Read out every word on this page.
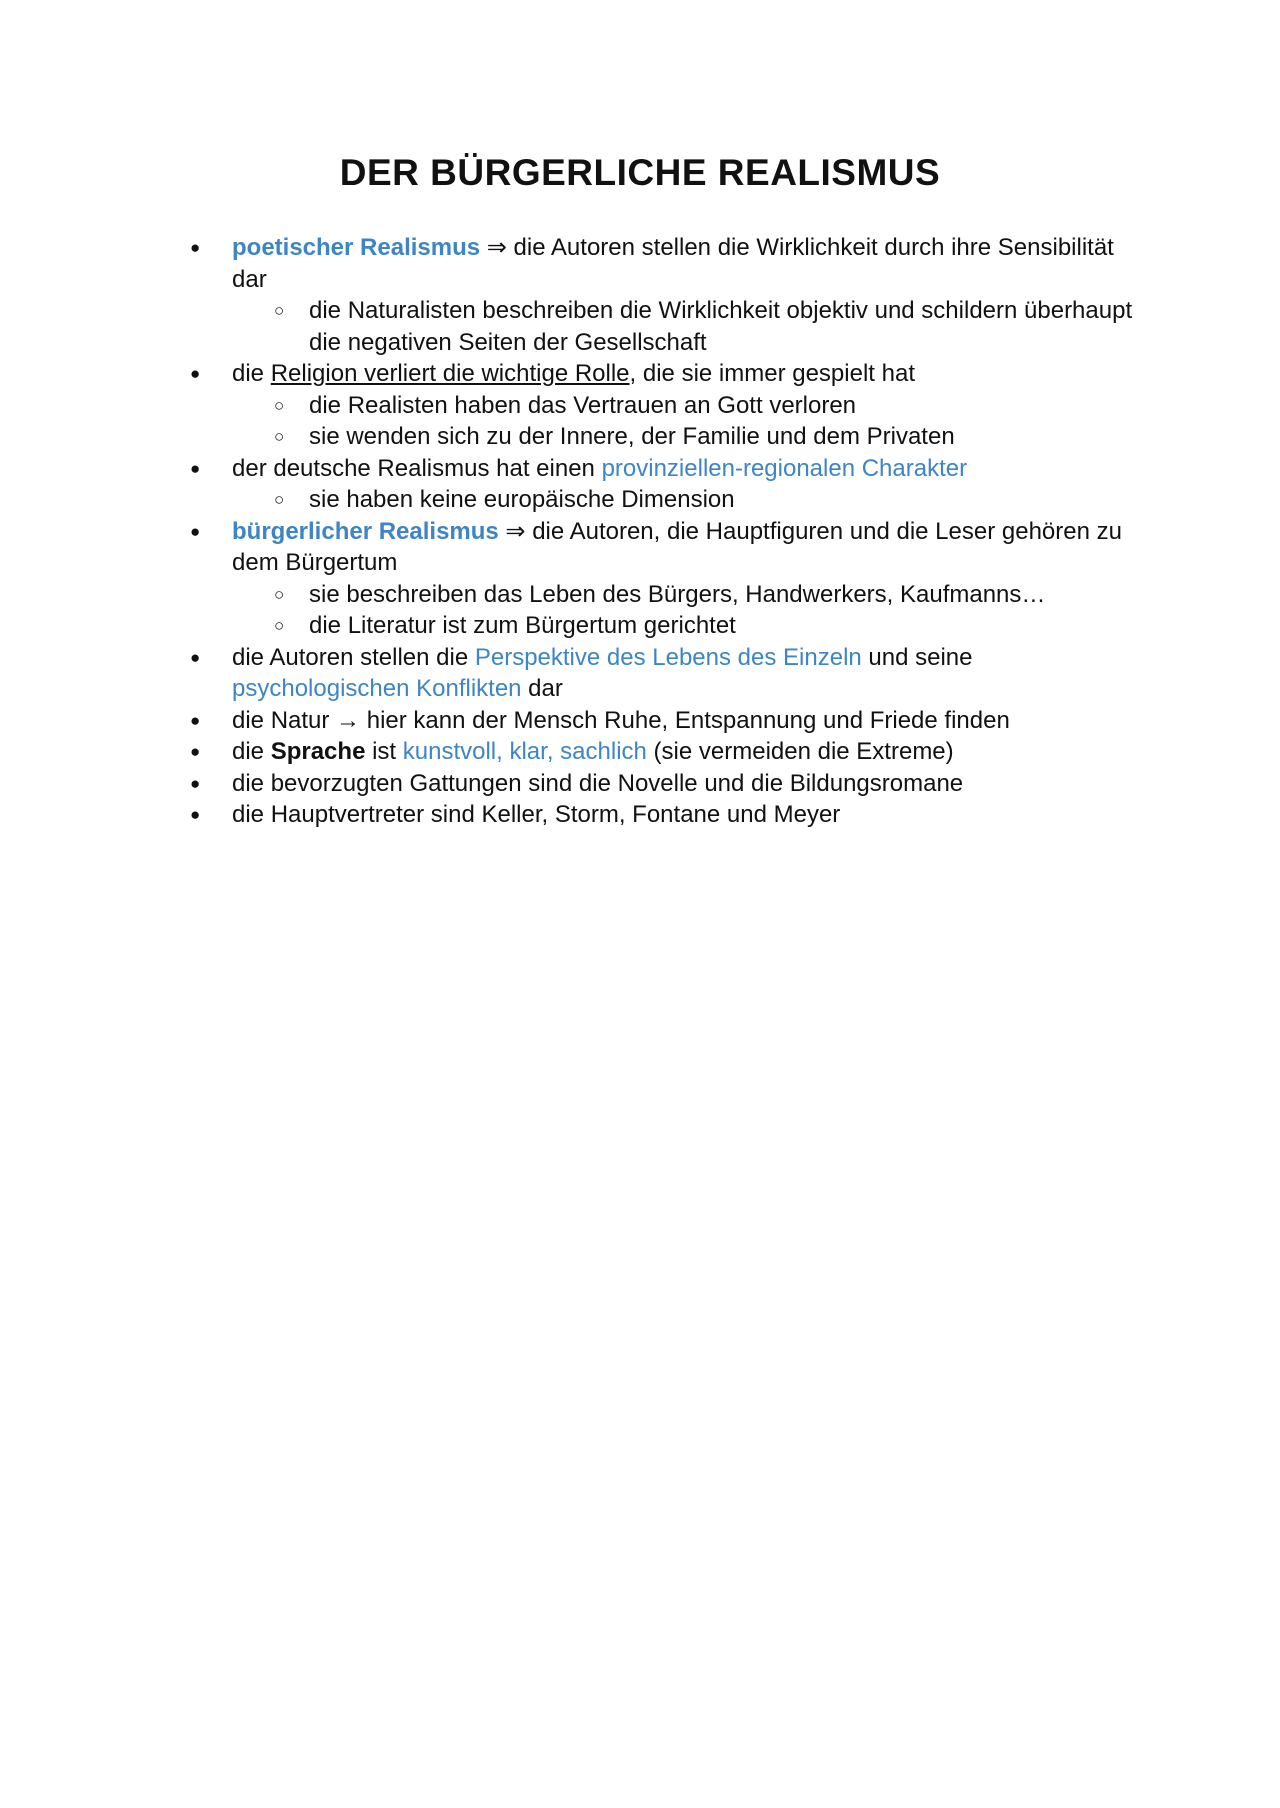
DER BÜRGERLICHE REALISMUS
● poetischer Realismus ⇒ die Autoren stellen die Wirklichkeit durch ihre Sensibilität dar
○ die Naturalisten beschreiben die Wirklichkeit objektiv und schildern überhaupt die negativen Seiten der Gesellschaft
● die Religion verliert die wichtige Rolle, die sie immer gespielt hat
○ die Realisten haben das Vertrauen an Gott verloren
○ sie wenden sich zu der Innere, der Familie und dem Privaten
● der deutsche Realismus hat einen provinziellen-regionalen Charakter
○ sie haben keine europäische Dimension
● bürgerlicher Realismus ⇒ die Autoren, die Hauptfiguren und die Leser gehören zu dem Bürgertum
○ sie beschreiben das Leben des Bürgers, Handwerkers, Kaufmanns…
○ die Literatur ist zum Bürgertum gerichtet
● die Autoren stellen die Perspektive des Lebens des Einzeln und seine psychologischen Konflikten dar
● die Natur → hier kann der Mensch Ruhe, Entspannung und Friede finden
● die Sprache ist kunstvoll, klar, sachlich (sie vermeiden die Extreme)
● die bevorzugten Gattungen sind die Novelle und die Bildungsromane
● die Hauptvertreter sind Keller, Storm, Fontane und Meyer
